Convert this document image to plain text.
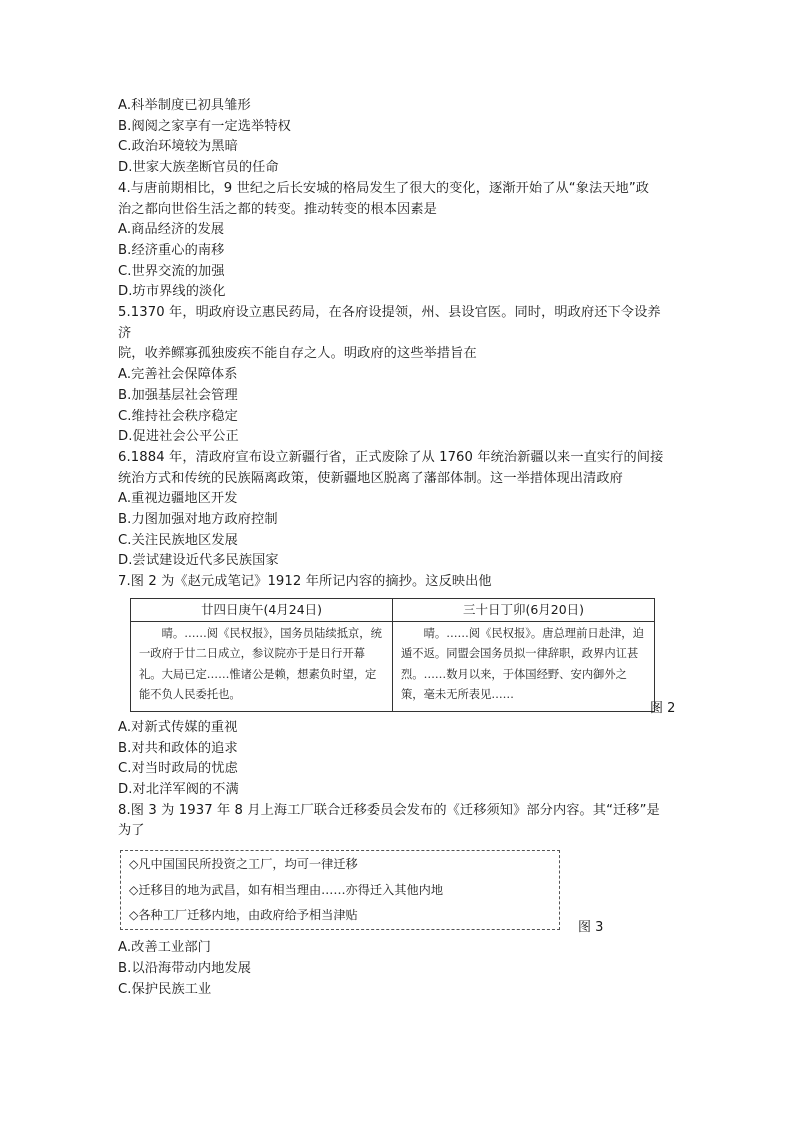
A.科举制度已初具雏形
B.阀阅之家享有一定选举特权
C.政治环境较为黑暗
D.世家大族垄断官员的任命
4.与唐前期相比，9 世纪之后长安城的格局发生了很大的变化，逐渐开始了从“象法天地”政
治之都向世俗生活之都的转变。推动转变的根本因素是
A.商品经济的发展
B.经济重心的南移
C.世界交流的加强
D.坊市界线的淡化
5.1370 年，明政府设立惠民药局，在各府设提领，州、县设官医。同时，明政府还下令设养
济
院，收养鳏寡孤独废疾不能自存之人。明政府的这些举措旨在
A.完善社会保障体系
B.加强基层社会管理
C.维持社会秩序稳定
D.促进社会公平公正
6.1884 年，清政府宣布设立新疆行省，正式废除了从 1760 年统治新疆以来一直实行的间接
统治方式和传统的民族隔离政策，使新疆地区脱离了藩部体制。这一举措体现出清政府
A.重视边疆地区开发
B.力图加强对地方政府控制
C.关注民族地区发展
D.尝试建设近代多民族国家
7.图 2 为《赵元成笔记》1912 年所记内容的摘抄。这反映出他
廿四日庚午(4月24日)
晴。……阅《民权报》，国务员陆续抵京，统一政府于廿二日成立，参议院亦于是日行开幕礼。大局已定……惟诸公是赖，想素负时望，定能不负人民委托也。
三十日丁卯(6月20日)
晴。……阅《民权报》。唐总理前日赴津，迫遁不返。同盟会国务员拟一律辞职，政界内讧甚烈。……数月以来，于体国经野、安内御外之策，毫未无所表见……
图 2
A.对新式传媒的重视
B.对共和政体的追求
C.对当时政局的忧虑
D.对北洋军阀的不满
8.图 3 为 1937 年 8 月上海工厂联合迁移委员会发布的《迁移须知》部分内容。其“迁移”是
为了
◇凡中国国民所投资之工厂，均可一律迁移
◇迁移目的地为武昌，如有相当理由……亦得迁入其他内地
◇各种工厂迁移内地，由政府给予相当津贴
图 3
A.改善工业部门
B.以沿海带动内地发展
C.保护民族工业
